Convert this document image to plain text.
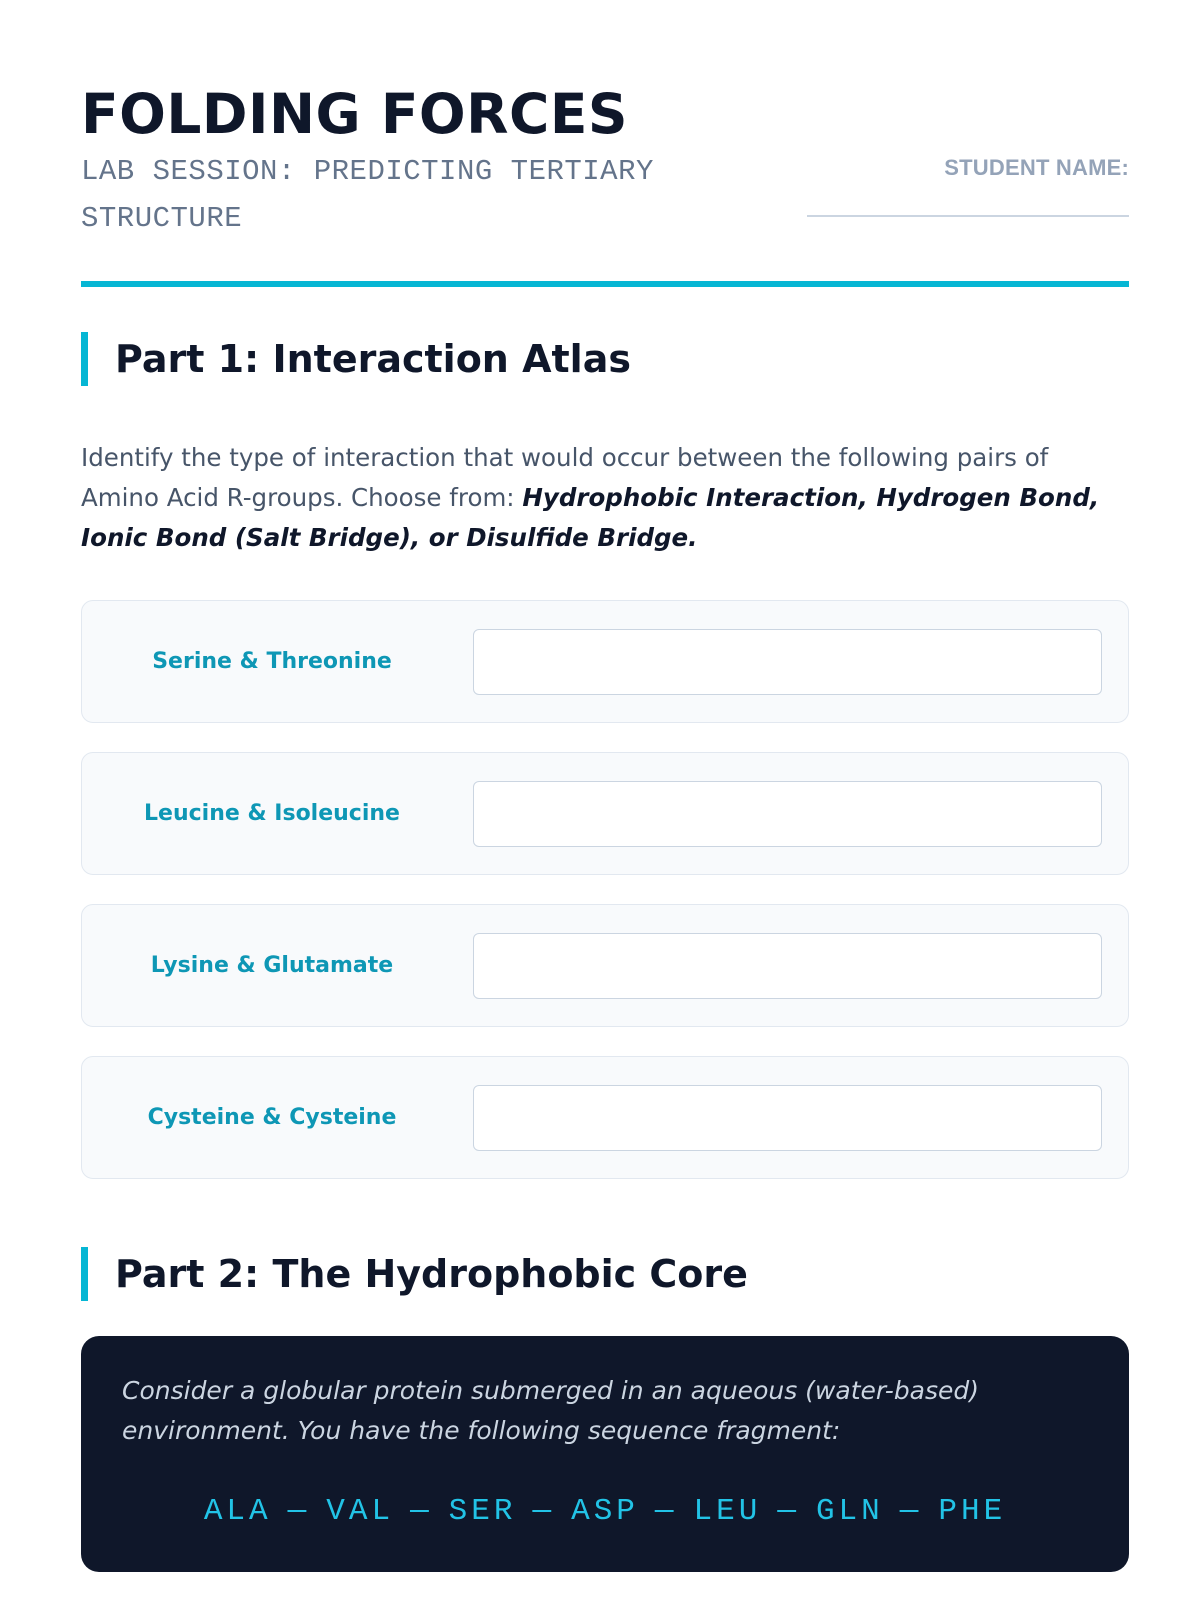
FOLDING FORCES
LAB SESSION: PREDICTING TERTIARY STRUCTURE
STUDENT NAME:
Part 1: Interaction Atlas
Identify the type of interaction that would occur between the following pairs of Amino Acid R-groups. Choose from: Hydrophobic Interaction, Hydrogen Bond, Ionic Bond (Salt Bridge), or Disulfide Bridge.
Serine & Threonine
Leucine & Isoleucine
Lysine & Glutamate
Cysteine & Cysteine
Part 2: The Hydrophobic Core
Consider a globular protein submerged in an aqueous (water-based) environment. You have the following sequence fragment:
ALA — VAL — SER — ASP — LEU — GLN — PHE
